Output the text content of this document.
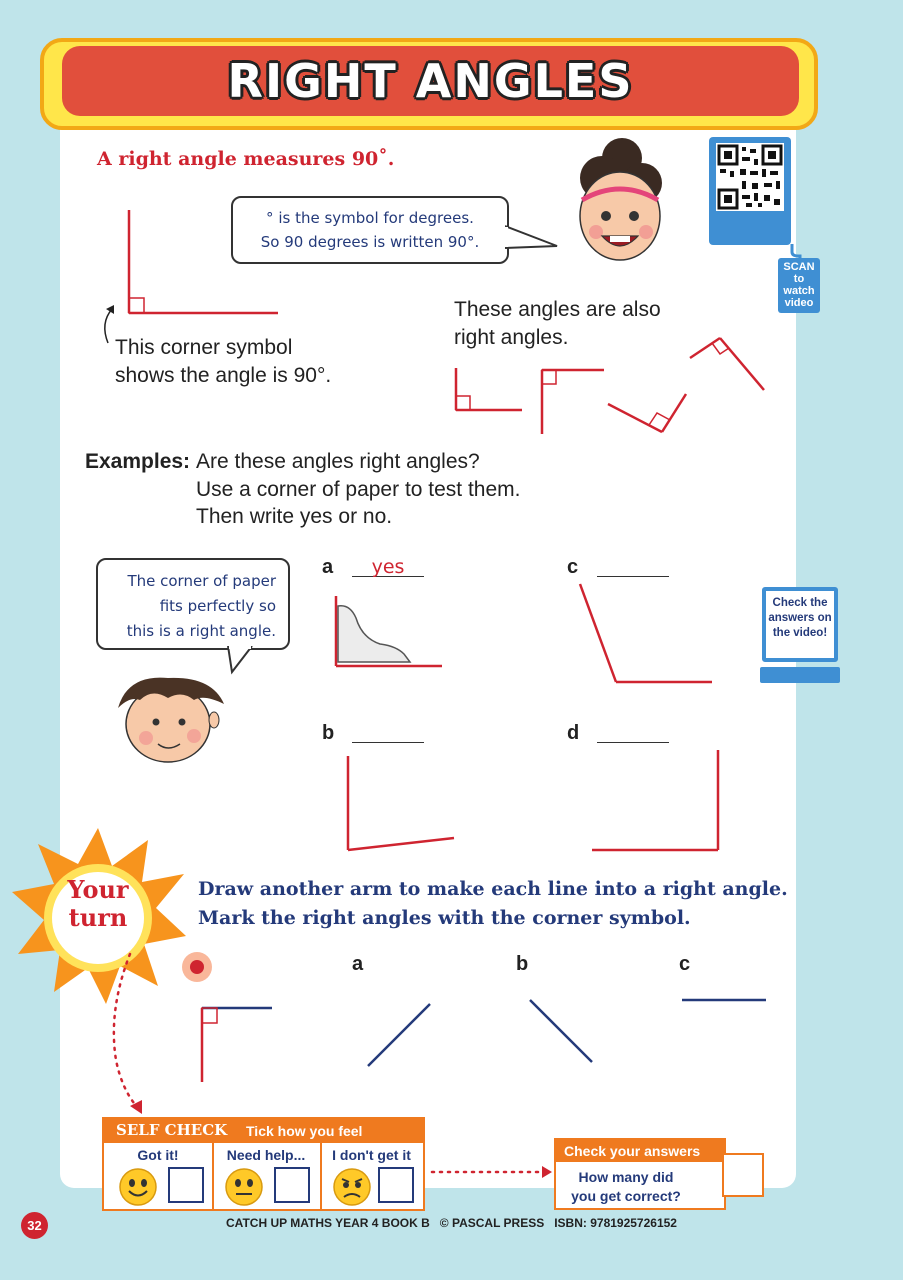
RIGHT ANGLES
A right angle measures 90˚.
This corner symbol
shows the angle is 90°.
° is the symbol for degrees.
So 90 degrees is written 90°.
SCAN to watch video
These angles are also
right angles.
Examples: Are these angles right angles?
Use a corner of paper to test them.
Then write yes or no.
The corner of paper
fits perfectly so
this is a right angle.
a	yes
b
c
d
Check the answers on the video!
Your
turn
Draw another arm to make each line into a right angle.
Mark the right angles with the corner symbol.
a	b	c
SELF CHECK Tick how you feel
Got it!	Need help...	I don't get it	Check your answers
How many did
you get correct?
32	CATCH UP MATHS YEAR 4 BOOK B   © PASCAL PRESS   ISBN: 9781925726152
